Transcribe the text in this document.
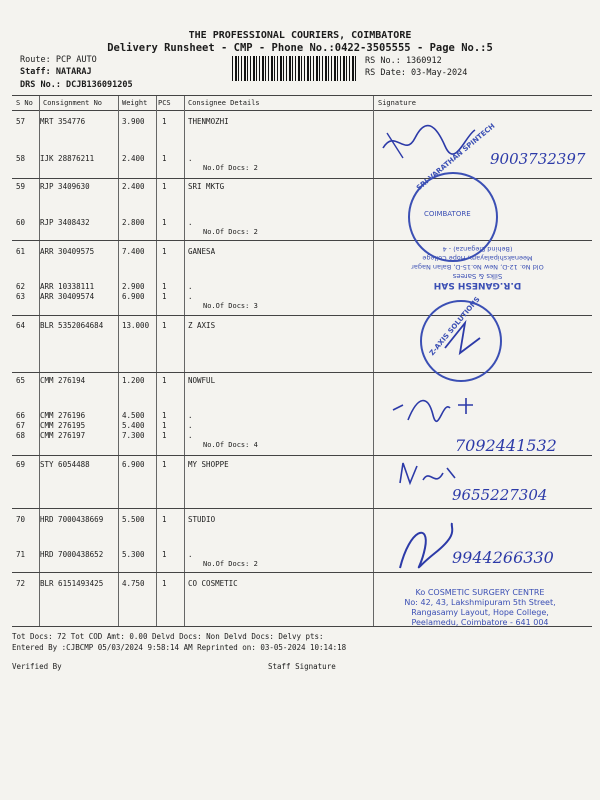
THE PROFESSIONAL COURIERS, COIMBATORE
Delivery Runsheet - CMP - Phone No.:0422-3505555 - Page No.:5
Route: PCP AUTO
Staff: NATARAJ
DRS No.: DCJB136091205
RS No.: 1360912
RS Date: 03-May-2024
S No Consignment No	Weight PCS Consignee Details	Signature
57 MRT 354776	3.900 1	THENMOZHI
58 IJK 28876211	2.400 1	.
No.Of Docs: 2
59 RJP 3409630	2.400 1	SRI MKTG
60 RJP 3408432	2.800 1	.
No.Of Docs: 2
61 ARR 30409575	7.400 1	GANESA
62 ARR 10338111	2.900 1	.
63 ARR 30409574	6.900 1	.
No.Of Docs: 3
64 BLR 5352064684	13.000 1	Z AXIS
65 CMM 276194	1.200 1	NOWFUL
66 CMM 276196	4.500 1	.
67 CMM 276195	5.400 1	.
68 CMM 276197	7.300 1	.
No.Of Docs: 4
69 STY 6054488	6.900 1	MY SHOPPE
70 HRD 7000438669	5.500 1	STUDIO
71 HRD 7000438652	5.300 1	.
No.Of Docs: 2
72 BLR 6151493425	4.750 1	CO COSMETIC
9003732397
SRI VARATHAN SPINTECH
COIMBATORE
D.R.GANESH SAH
Silks & Sarees
Old No. 12-D, New No.15-D, Balan Nagar
Meenakshipalayam, Hope College
(Behind Eleganza) - 4
Z-AXIS SOLUTIONS
7092441532
9655227304
9944266330
Ko COSMETIC SURGERY CENTRE
No: 42, 43, Lakshmipuram 5th Street,
Rangasamy Layout, Hope College,
Peelamedu, Coimbatore - 641 004
Tot Docs: 72 Tot COD Amt: 0.00 Delvd Docs: Non Delvd Docs: Delvy pts:
Entered By :CJBCMP 05/03/2024 9:58:14 AM Reprinted on: 03-05-2024 10:14:18
Verified By	Staff Signature
